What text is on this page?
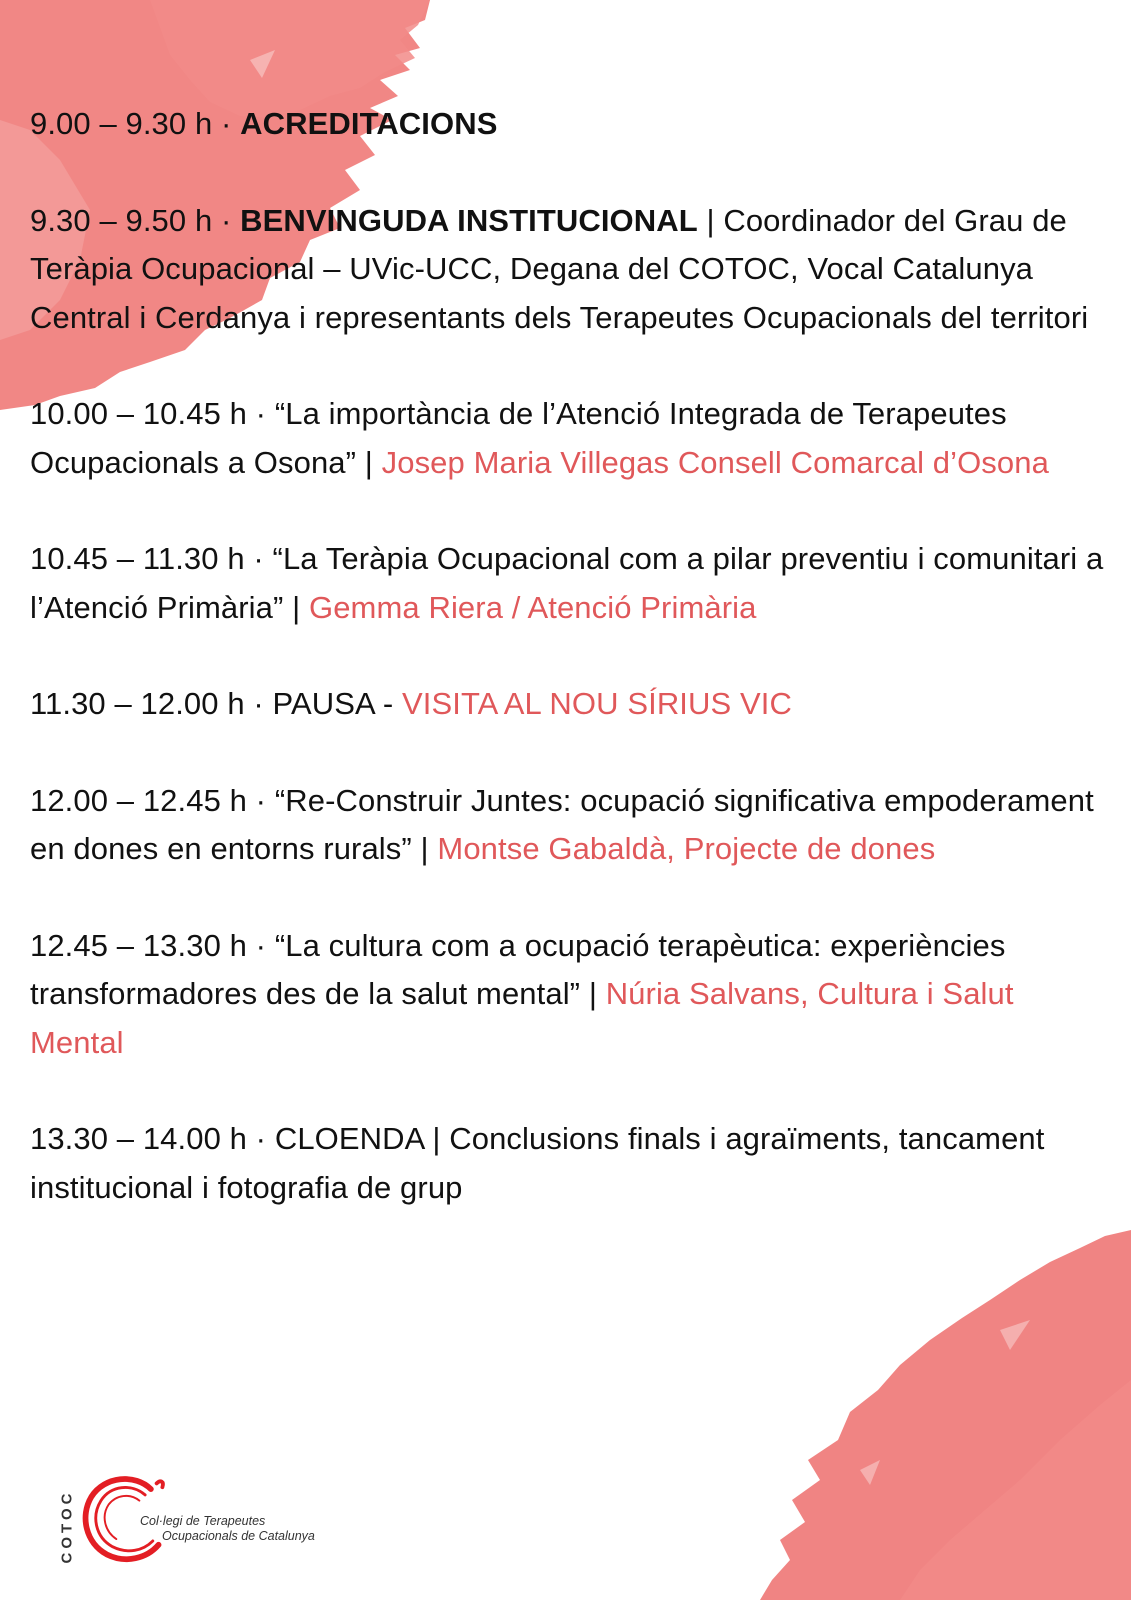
9.00 – 9.30 h · ACREDITACIONS

9.30 – 9.50 h · BENVINGUDA INSTITUCIONAL | Coordinador del Grau de Teràpia Ocupacional – UVic-UCC, Degana del COTOC, Vocal Catalunya Central i Cerdanya i representants dels Terapeutes Ocupacionals del territori

10.00 – 10.45 h · “La importància de l’Atenció Integrada de Terapeutes Ocupacionals a Osona” | Josep Maria Villegas Consell Comarcal d’Osona

10.45 – 11.30 h · “La Teràpia Ocupacional com a pilar preventiu i comunitari a l’Atenció Primària” | Gemma Riera / Atenció Primària

11.30 – 12.00 h · PAUSA - VISITA AL NOU SÍRIUS VIC

12.00 – 12.45 h · “Re-Construir Juntes: ocupació significativa empoderament en dones en entorns rurals” | Montse Gabaldà, Projecte de dones

12.45 – 13.30 h · “La cultura com a ocupació terapèutica: experiències transformadores des de la salut mental” | Núria Salvans, Cultura i Salut Mental

13.30 – 14.00 h · CLOENDA | Conclusions finals i agraïments, tancament institucional i fotografia de grup

COTOC	Col·legi de Terapeutes
Ocupacionals de Catalunya
